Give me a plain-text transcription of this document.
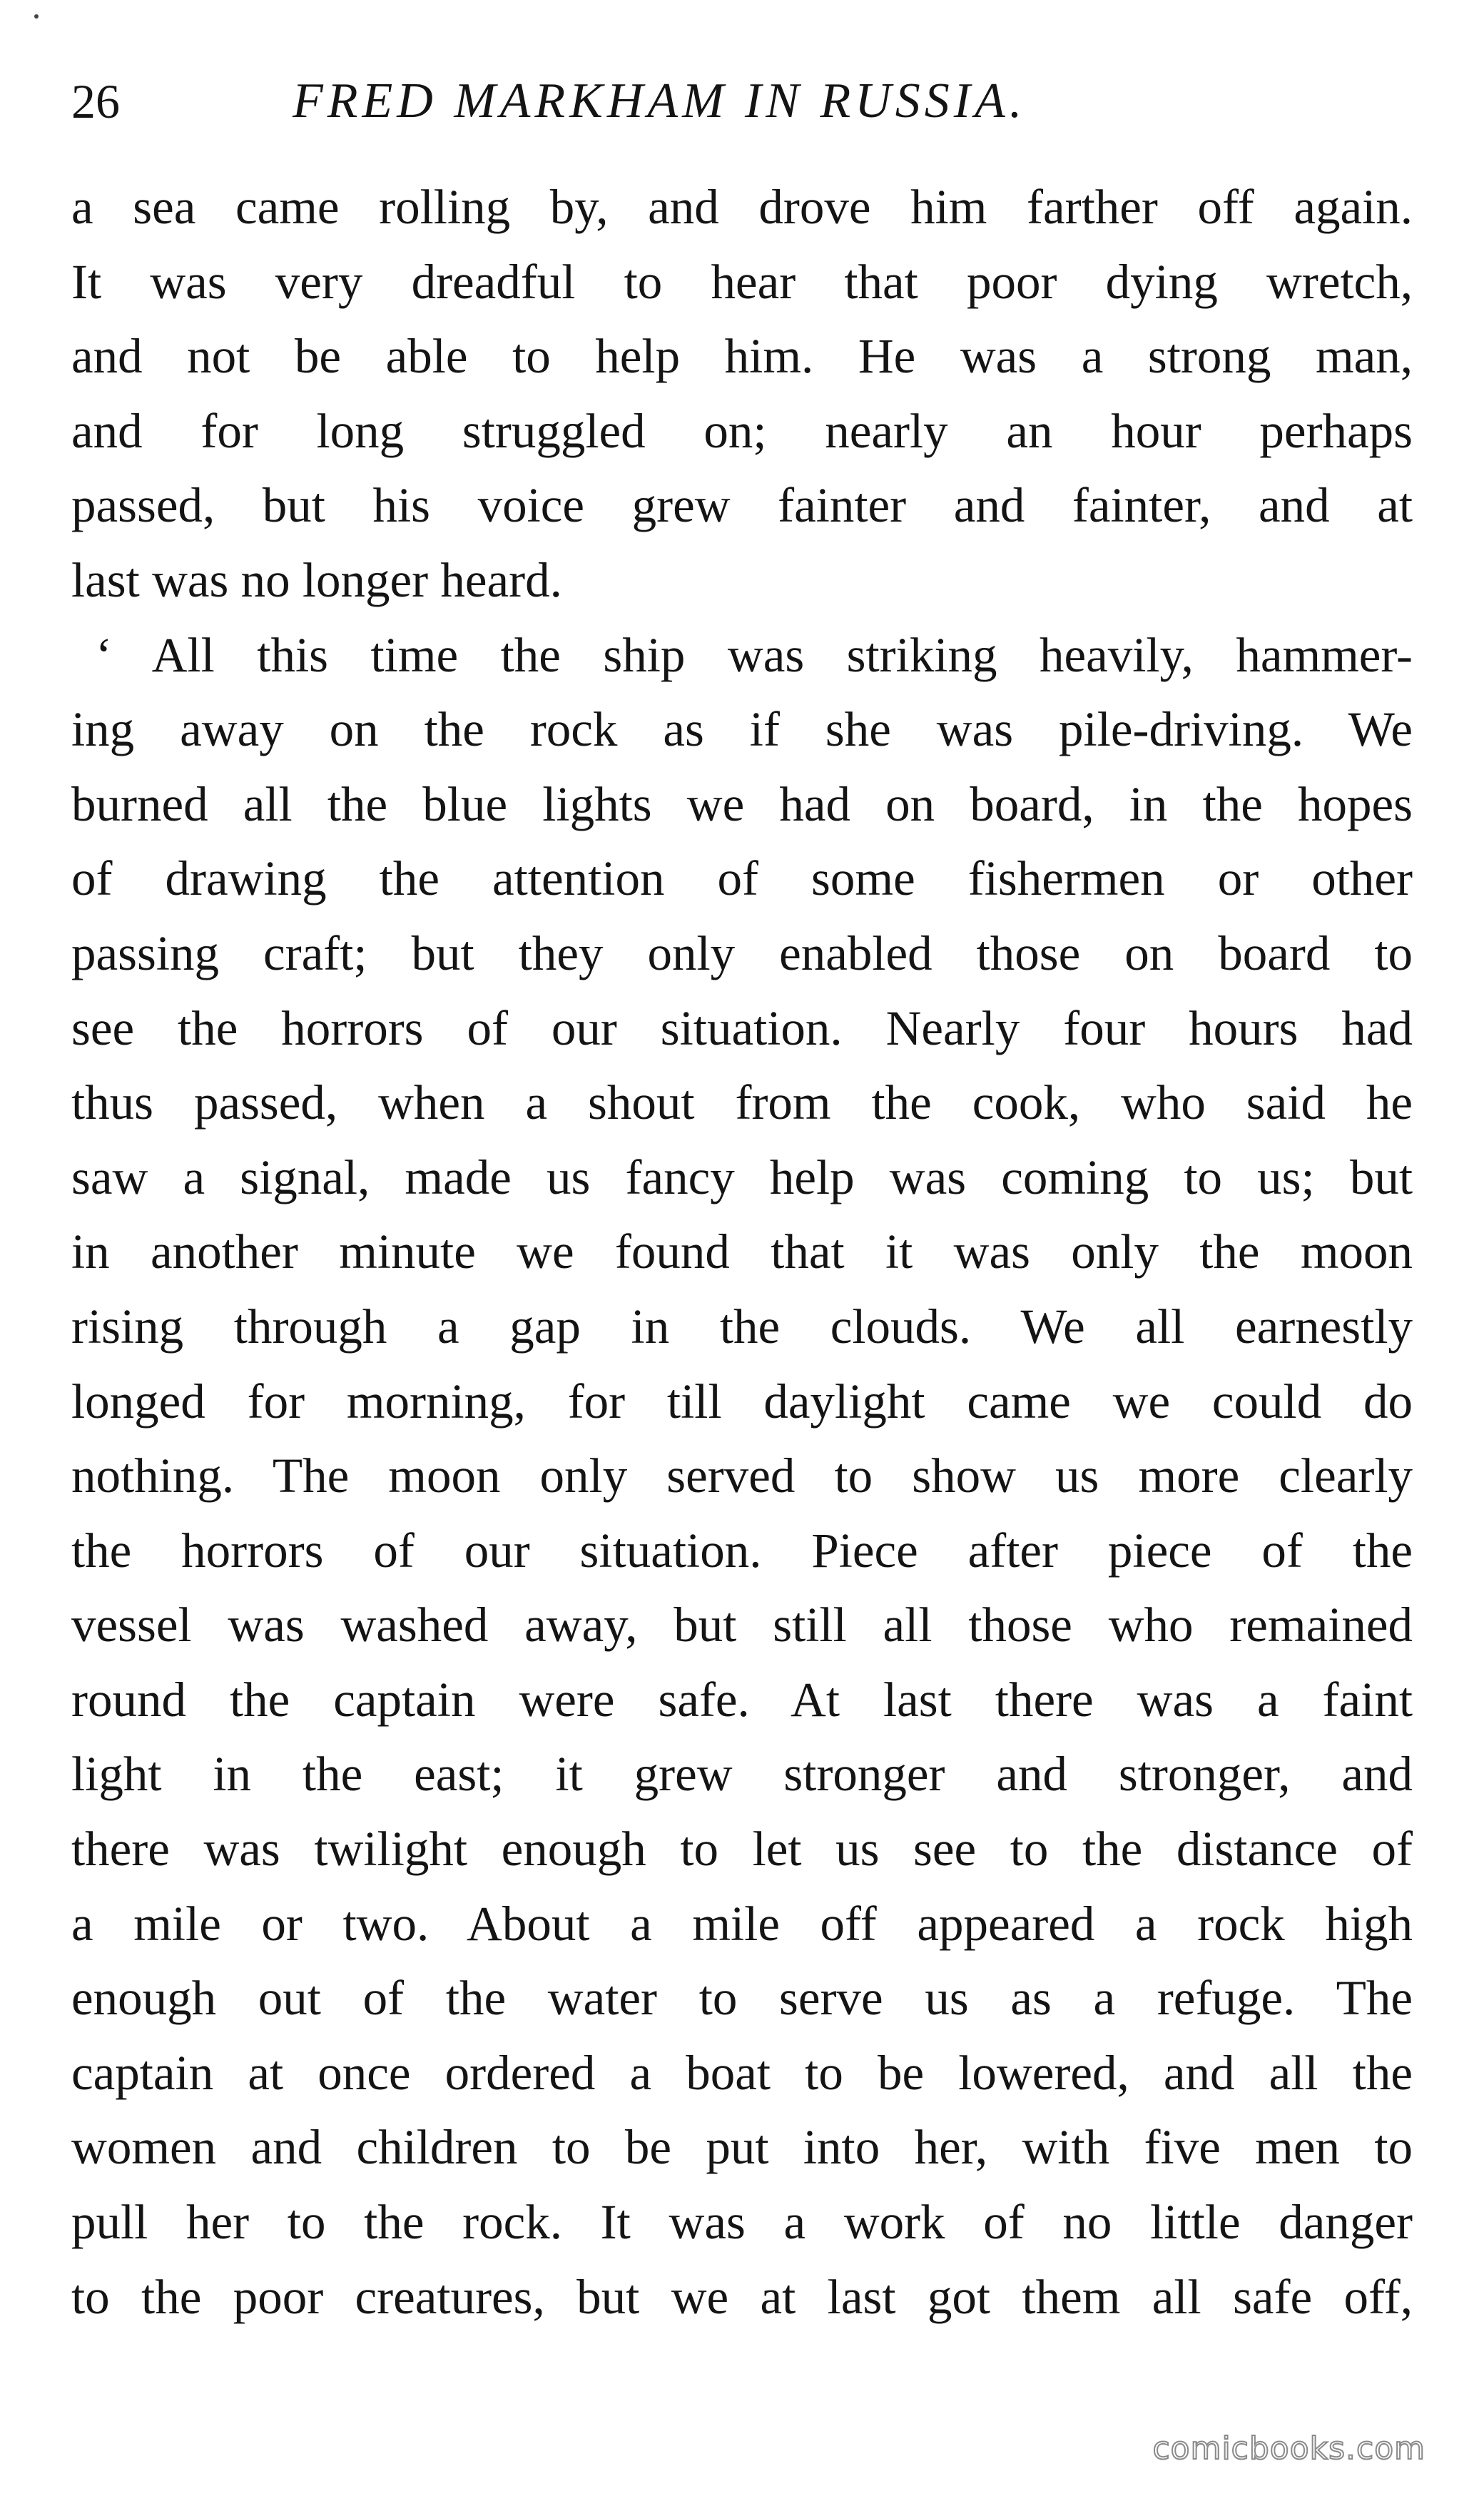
26	FRED MARKHAM IN RUSSIA.
a sea came rolling by, and drove him farther off again.
It was very dreadful to hear that poor dying wretch,
and not be able to help him. He was a strong man,
and for long struggled on; nearly an hour perhaps
passed, but his voice grew fainter and fainter, and at
last was no longer heard.
‘ All this time the ship was striking heavily, hammer-
ing away on the rock as if she was pile-driving. We
burned all the blue lights we had on board, in the hopes
of drawing the attention of some fishermen or other
passing craft; but they only enabled those on board to
see the horrors of our situation. Nearly four hours had
thus passed, when a shout from the cook, who said he
saw a signal, made us fancy help was coming to us; but
in another minute we found that it was only the moon
rising through a gap in the clouds. We all earnestly
longed for morning, for till daylight came we could do
nothing. The moon only served to show us more clearly
the horrors of our situation. Piece after piece of the
vessel was washed away, but still all those who remained
round the captain were safe. At last there was a faint
light in the east; it grew stronger and stronger, and
there was twilight enough to let us see to the distance of
a mile or two. About a mile off appeared a rock high
enough out of the water to serve us as a refuge. The
captain at once ordered a boat to be lowered, and all the
women and children to be put into her, with five men to
pull her to the rock. It was a work of no little danger
to the poor creatures, but we at last got them all safe off,
comicbooks.com
